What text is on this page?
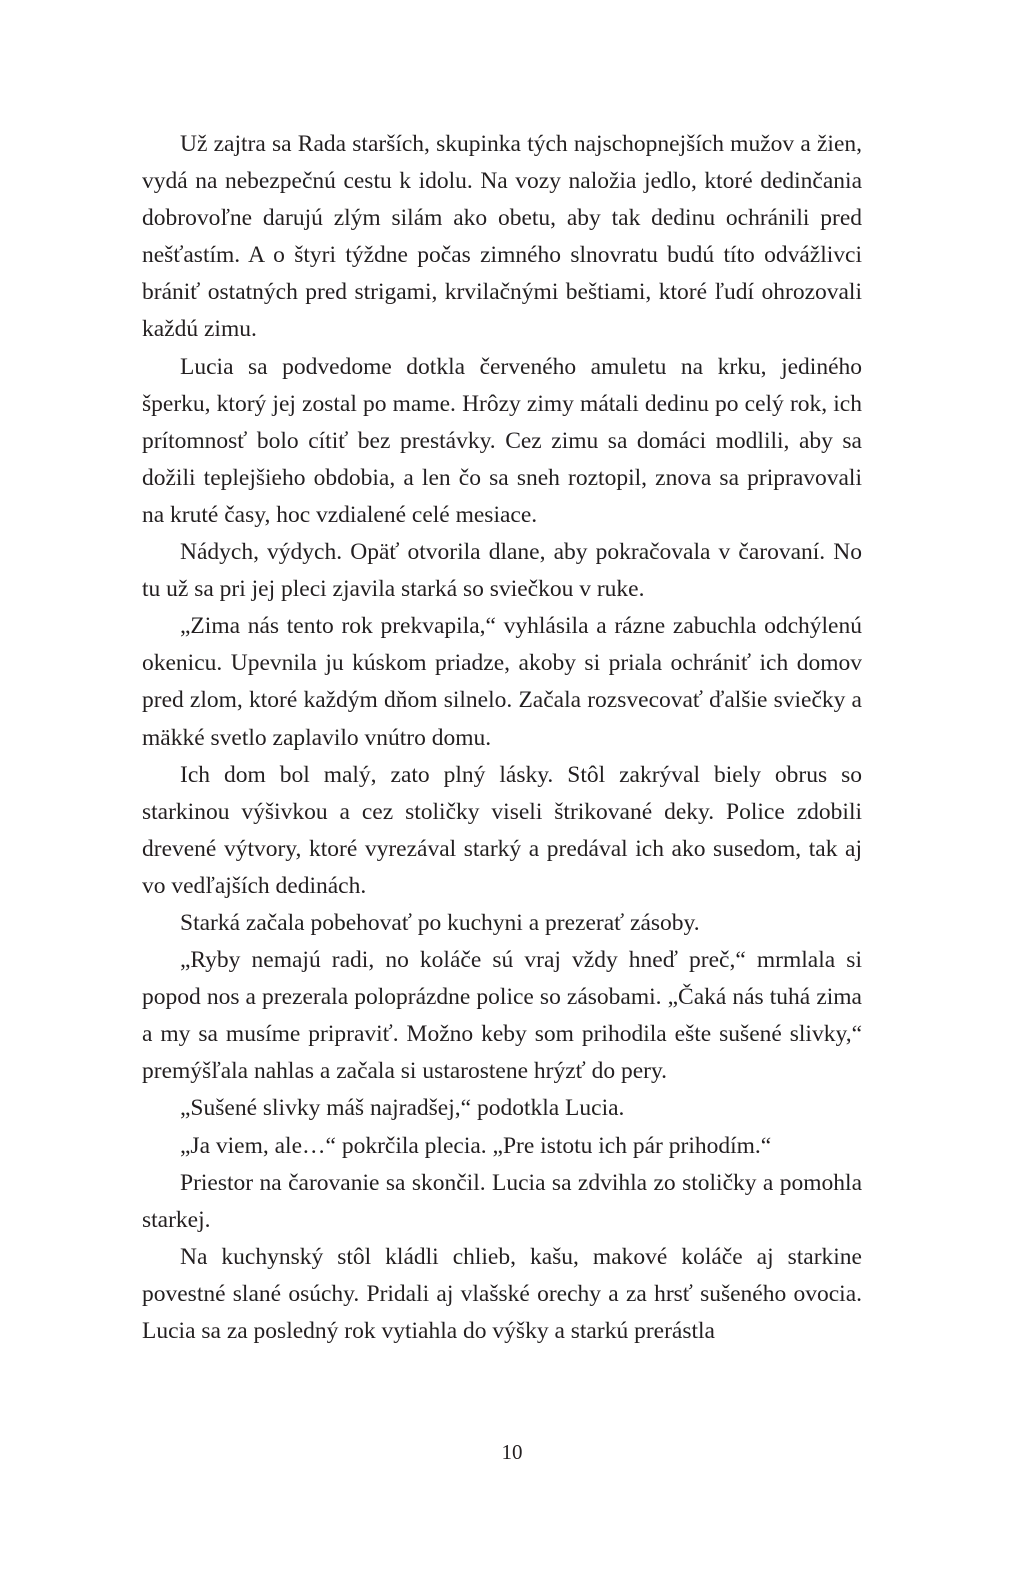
Už zajtra sa Rada starších, skupinka tých najschopnejších mužov a žien, vydá na nebezpečnú cestu k idolu. Na vozy naložia jedlo, ktoré dedinčania dobrovoľne darujú zlým silám ako obetu, aby tak dedinu ochránili pred nešťastím. A o štyri týždne počas zimného slnovratu budú títo odvážlivci brániť ostatných pred strigami, krvilačnými beštiami, ktoré ľudí ohrozovali každú zimu.

Lucia sa podvedome dotkla červeného amuletu na krku, jediného šperku, ktorý jej zostal po mame. Hrôzy zimy mátali dedinu po celý rok, ich prítomnosť bolo cítiť bez prestávky. Cez zimu sa domáci modlili, aby sa dožili teplejšieho obdobia, a len čo sa sneh roztopil, znova sa pripravovali na kruté časy, hoc vzdialené celé mesiace.

Nádych, výdych. Opäť otvorila dlane, aby pokračovala v čarovaní. No tu už sa pri jej pleci zjavila starká so sviečkou v ruke.

„Zima nás tento rok prekvapila,“ vyhlásila a rázne zabuchla odchýlenú okenicu. Upevnila ju kúskom priadze, akoby si priala ochrániť ich domov pred zlom, ktoré každým dňom silnelo. Začala rozsvecovať ďalšie sviečky a mäkké svetlo zaplavilo vnútro domu.

Ich dom bol malý, zato plný lásky. Stôl zakrýval biely obrus so starkinou výšivkou a cez stoličky viseli štrikované deky. Police zdobili drevené výtvory, ktoré vyrezával starký a predával ich ako susedom, tak aj vo vedľajších dedinách.

Starká začala pobehovať po kuchyni a prezerať zásoby.

„Ryby nemajú radi, no koláče sú vraj vždy hneď preč,“ mrmlala si popod nos a prezerala poloprázdne police so zásobami. „Čaká nás tuhá zima a my sa musíme pripraviť. Možno keby som prihodila ešte sušené slivky,“ premýšľala nahlas a začala si ustarostene hrýzť do pery.

„Sušené slivky máš najradšej,“ podotkla Lucia.

„Ja viem, ale…“ pokrčila plecia. „Pre istotu ich pár prihodím.“

Priestor na čarovanie sa skončil. Lucia sa zdvihla zo stoličky a pomohla starkej.

Na kuchynský stôl kládli chlieb, kašu, makové koláče aj starkine povestné slané osúchy. Pridali aj vlašské orechy a za hrsť sušeného ovocia. Lucia sa za posledný rok vytiahla do výšky a starkú prerástla

10
